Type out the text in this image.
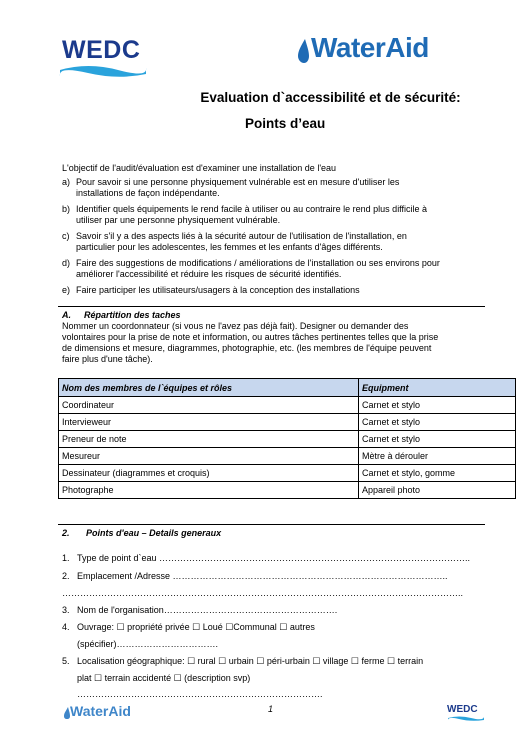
WEDC	WaterAid
Evaluation d`accessibilité et de sécurité:
Points d’eau
L'objectif de l'audit/évaluation est d'examiner une installation de l'eau
a) Pour savoir si une personne physiquement vulnérable est en mesure d'utiliser les
installations de façon indépendante.
b) Identifier quels équipements le rend facile à utiliser ou au contraire le rend plus difficile à
utiliser par une personne physiquement vulnérable.
c) Savoir s'il y a des aspects liés à la sécurité autour de l'utilisation de l'installation, en
particulier pour les adolescentes, les femmes et les enfants d'âges différents.
d) Faire des suggestions de modifications / améliorations de l'installation ou ses environs pour
améliorer l'accessibilité et réduire les risques de sécurité identifiés.
e) Faire participer les utilisateurs/usagers à la conception des installations
A. Répartition des taches
Nommer un coordonnateur (si vous ne l'avez pas déjà fait). Designer ou demander des
volontaires pour la prise de note et information, ou autres tâches pertinentes telles que la prise
de dimensions et mesure, diagrammes, photographie, etc. (les membres de l'équipe peuvent
faire plus d'une tâche).
Nom des membres de l`équipes et rôles	Equipment
Coordinateur	Carnet et stylo
Intervieweur	Carnet et stylo
Preneur de note	Carnet et stylo
Mesureur	Mètre à dérouler
Dessinateur (diagrammes et croquis)	Carnet et stylo, gomme
Photographe	Appareil photo
2. Points d'eau – Details generaux
1. Type de point d`eau …………………………………………………………………………………………..
2. Emplacement /Adresse ………………………………………………………………………………..
……………………………………………………………………………………………………………………..
3. Nom de l'organisation………………………………………………….
4. Ouvrage: ☐ propriété privée ☐ Loué ☐Communal ☐ autres
(spécifier)…………………………….
5. Localisation géographique: ☐ rural ☐ urbain ☐ péri-urbain ☐ village ☐ ferme ☐ terrain
plat ☐ terrain accidenté ☐ (description svp)
……………………………………………………………………….
WaterAid	1	WEDC
